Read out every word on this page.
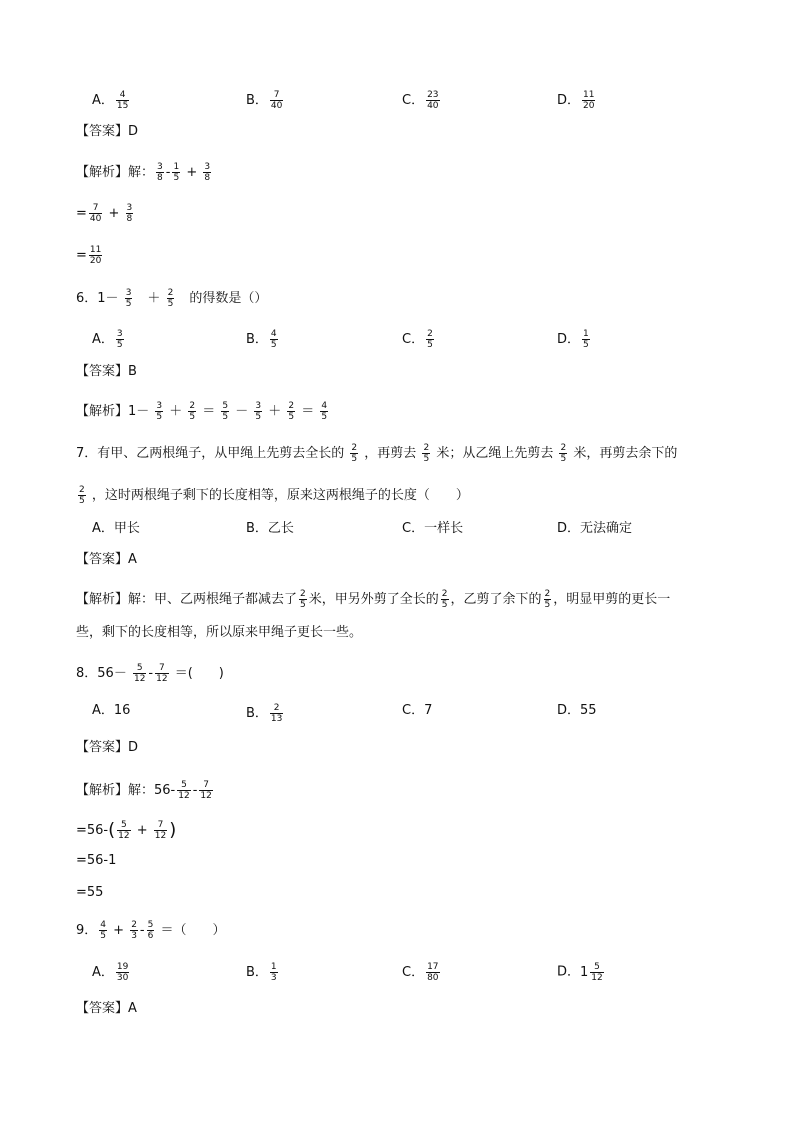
A． $\frac{4}{15}$	B． $\frac{7}{40}$	C． $\frac{23}{40}$	D． $\frac{11}{20}$
【答案】D
【解析】解： $\frac{3}{8} - \frac{1}{5} + \frac{3}{8}$
= $\frac{7}{40} + \frac{3}{8}$
= $\frac{11}{20}$
6．$1- \frac{3}{5}$ 　＋ $\frac{2}{5}$
　 的得数是（）
A． $\frac{3}{5}$	B． $\frac{4}{5}$	C． $\frac{2}{5}$	D． $\frac{1}{5}$
【答案】B
【解析】$1- \frac{3}{5} + \frac{2}{5} = \frac{5}{5} - \frac{3}{5} + \frac{2}{5} = \frac{4}{5}$
7．有甲、乙两根绳子，从甲绳上先剪去全长的 $\frac{2}{5}$ ，再剪去 $\frac{2}{5}$ 米；从乙绳上先剪去 $\frac{2}{5}$ 米，再剪去余下的
$\frac{2}{5}$ ，这时两根绳子剩下的长度相等，原来这两根绳子的长度（　　）
A．甲长	B．乙长	C．一样长	D．无法确定
【答案】A
【解析】解：甲、乙两根绳子都减去了 $\frac{2}{5}$ 米，甲另外剪了全长的 $\frac{2}{5}$ ，乙剪了余下的 $\frac{2}{5}$ ，明显甲剪的更长一
些，剩下的长度相等，所以原来甲绳子更长一些。
8．$56- \frac{5}{12} - \frac{7}{12}$ ＝(　　)
A．16	B． $\frac{2}{13}$	C．7	D．55
【答案】D
【解析】解：$56- \frac{5}{12} - \frac{7}{12}$
$=56-( \frac{5}{12} + \frac{7}{12}$ )
=56-1
=55
9． $\frac{4}{5} + \frac{2}{3} - \frac{5}{6}$ ＝（　　）
A． $\frac{19}{30}$	B． $\frac{1}{3}$	C． $\frac{17}{80}$	D． 1 5
12
【答案】A
